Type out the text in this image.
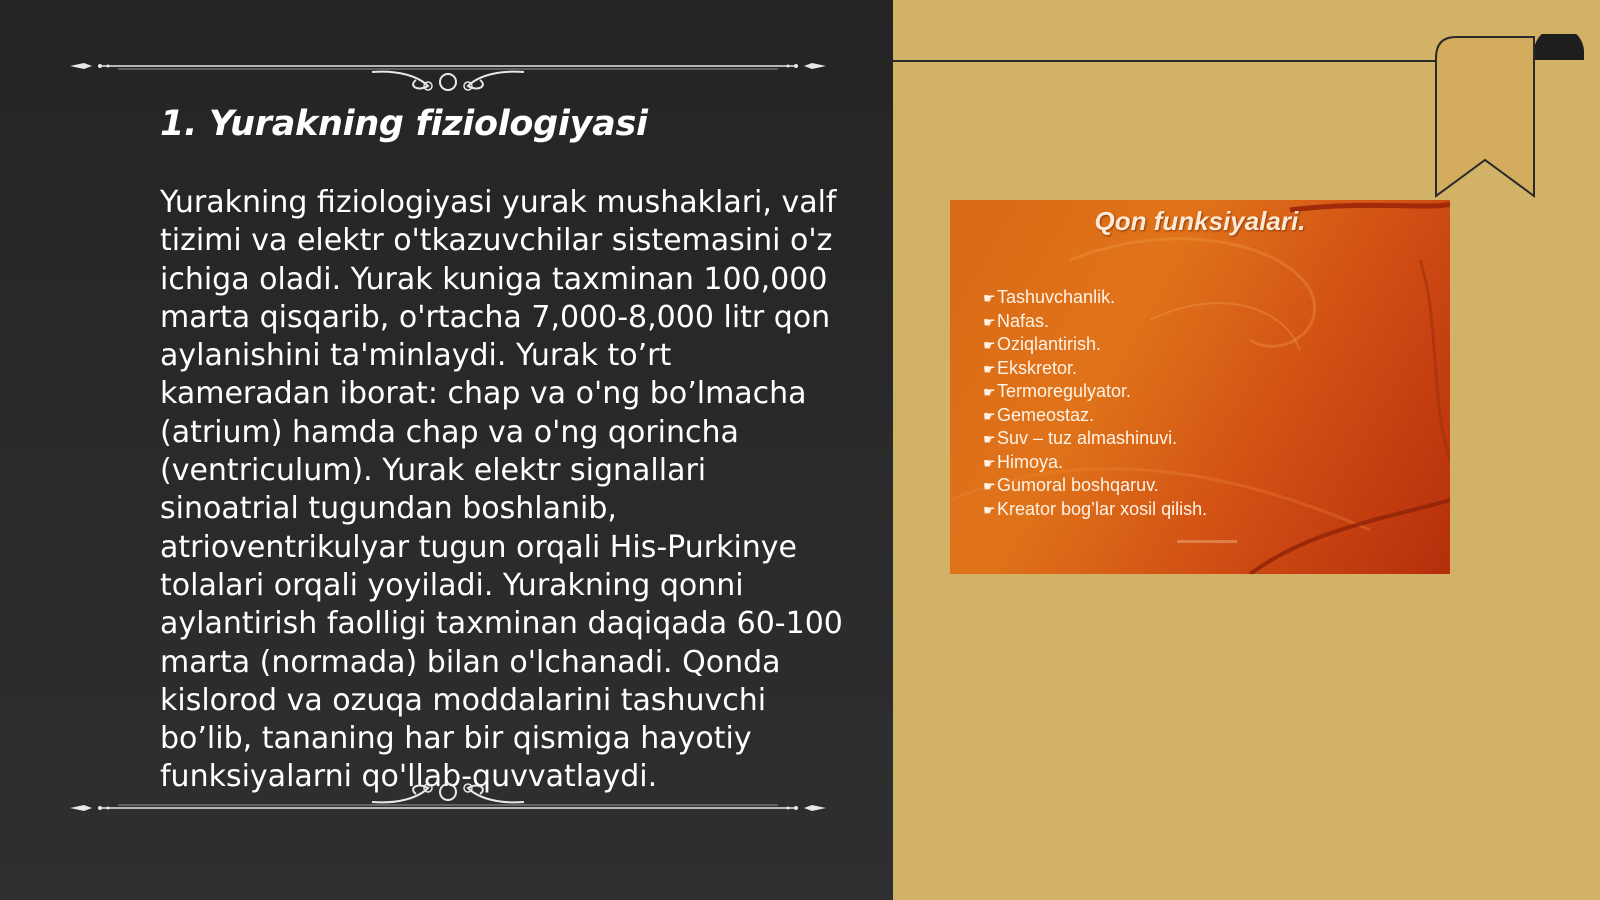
1. Yurakning fiziologiyasi

Yurakning fiziologiyasi yurak mushaklari, valf tizimi va elektr o'tkazuvchilar sistemasini o'z ichiga oladi. Yurak kuniga taxminan 100,000 marta qisqarib, o'rtacha 7,000-8,000 litr qon aylanishini ta'minlaydi. Yurak to’rt kameradan iborat: chap va o'ng bo’lmacha (atrium) hamda chap va o'ng qorincha (ventriculum). Yurak elektr signallari sinoatrial tugundan boshlanib, atrioventrikulyar tugun orqali His-Purkinye tolalari orqali yoyiladi. Yurakning qonni aylantirish faolligi taxminan daqiqada 60-100 marta (normada) bilan o'lchanadi. Qonda kislorod va ozuqa moddalarini tashuvchi bo’lib, tananing har bir qismiga hayotiy funksiyalarni qo'llab-quvvatlaydi.

Qon funksiyalari.
☛Tashuvchanlik.
☛Nafas.
☛Oziqlantirish.
☛Ekskretor.
☛Termoregulyator.
☛Gemeostaz.
☛Suv – tuz almashinuvi.
☛Himoya.
☛Gumoral boshqaruv.
☛Kreator bog’lar xosil qilish.
